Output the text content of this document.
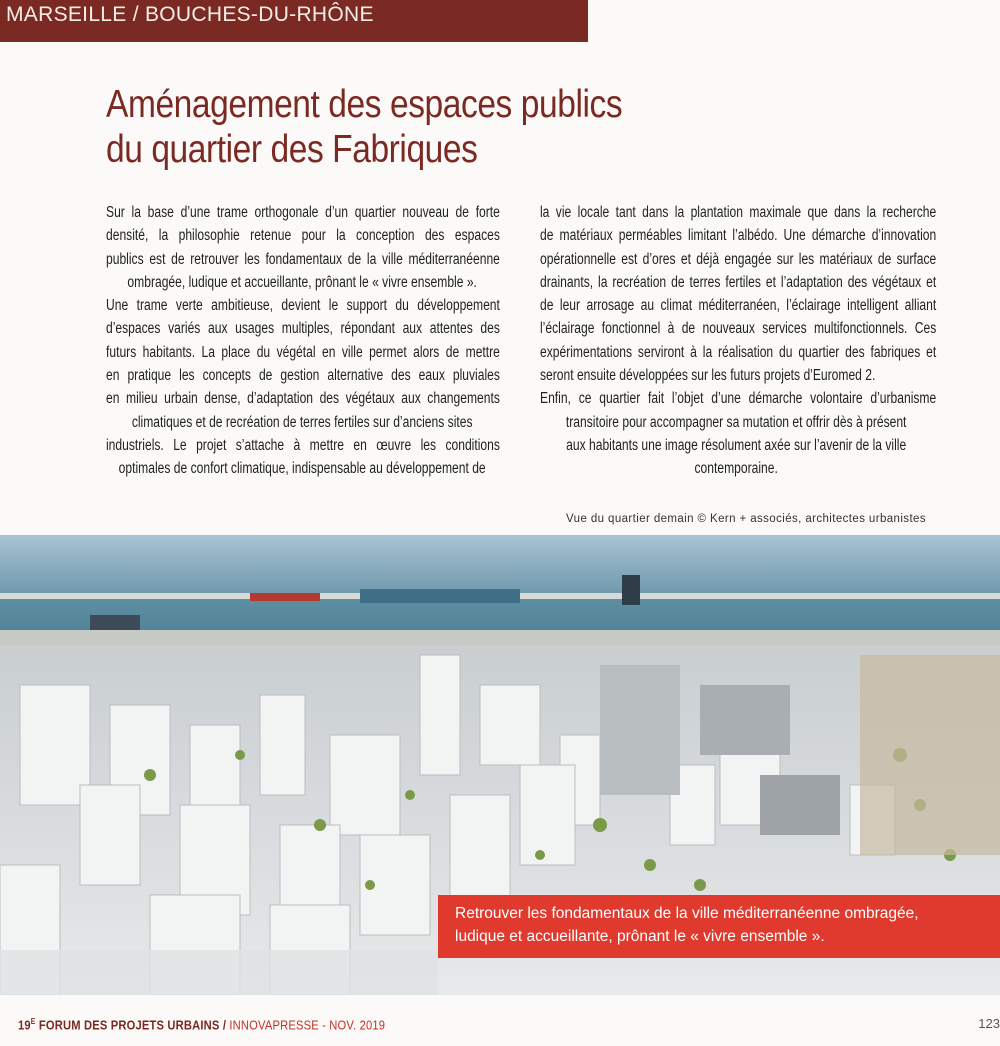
MARSEILLE / BOUCHES-DU-RHÔNE
Aménagement des espaces publics
du quartier des Fabriques
Sur la base d’une trame orthogonale d’un quartier nouveau de forte
densité, la philosophie retenue pour la conception des espaces
publics est de retrouver les fondamentaux de la ville méditerranéenne
ombragée, ludique et accueillante, prônant le « vivre ensemble ».
Une trame verte ambitieuse, devient le support du développement
d’espaces variés aux usages multiples, répondant aux attentes des
futurs habitants. La place du végétal en ville permet alors de mettre
en pratique les concepts de gestion alternative des eaux pluviales
en milieu urbain dense, d’adaptation des végétaux aux changements
climatiques et de recréation de terres fertiles sur d’anciens sites
industriels. Le projet s’attache à mettre en œuvre les conditions
optimales de confort climatique, indispensable au développement de
la vie locale tant dans la plantation maximale que dans la recherche
de matériaux perméables limitant l’albédo. Une démarche d’innovation
opérationnelle est d’ores et déjà engagée sur les matériaux de surface
drainants, la recréation de terres fertiles et l’adaptation des végétaux et
de leur arrosage au climat méditerranéen, l’éclairage intelligent alliant
l’éclairage fonctionnel à de nouveaux services multifonctionnels. Ces
expérimentations serviront à la réalisation du quartier des fabriques et
seront ensuite développées sur les futurs projets d’Euromed 2.
Enfin, ce quartier fait l’objet d’une démarche volontaire d’urbanisme
transitoire pour accompagner sa mutation et offrir dès à présent
aux habitants une image résolument axée sur l’avenir de la ville
contemporaine.
Vue du quartier demain © Kern + associés, architectes urbanistes
Retrouver les fondamentaux de la ville méditerranéenne ombragée,
ludique et accueillante, prônant le « vivre ensemble ».
$19^E$ FORUM DES PROJETS URBAINS / INNOVAPRESSE - NOV. 2019	123
